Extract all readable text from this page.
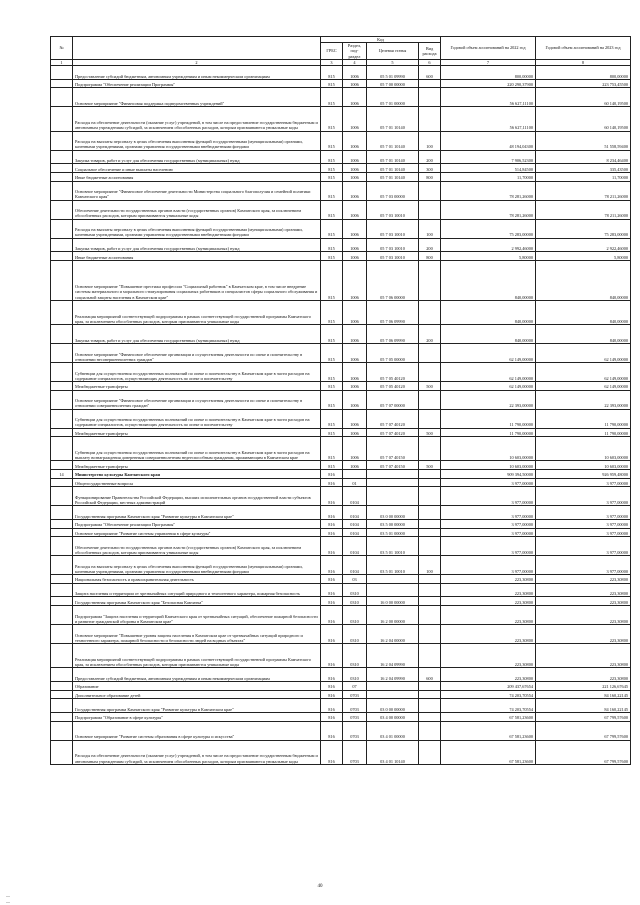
№		Код				Годовой объем ассигнований на 2022 год	Годовой объем ассигнований на 2023 год
		ГРБС	Раздел, под-раздел	Целевая статья	Вид расхода		
1	2	3	4	5	6	7	8
	Предоставление субсидий бюджетным, автономным учреждениям и иным некоммерческим организациям	815	1006	05 5 01 09990	600	800,00000	800,00000
	Подпрограмма "Обеспечение реализации Программы"	815	1006	05 7 00 00000		220 290,37900	223 753,45500
	Основное мероприятие "Финансовая поддержка подведомственных учреждений"	815	1006	05 7 01 00000		56 627,11100	60 140,19500
	Расходы на обеспечение деятельности (оказание услуг) учреждений, в том числе на предоставление государственным бюджетным и автономным учреждениям субсидий, за исключением обособленных расходов, которым присваиваются уникальные коды	815	1006	05 7 01 10140		56 627,11100	60 140,19500
	Расходы на выплаты персоналу в целях обеспечения выполнения функций государственными (муниципальными) органами, казенными учреждениями, органами управления государственными внебюджетными фондами	815	1006	05 7 01 10140	100	48 194,04300	51 558,59400
	Закупка товаров, работ и услуг для обеспечения государственных (муниципальных) нужд	815	1006	05 7 01 10140	200	7 906,52300	8 234,46400
	Социальное обеспечение и иные выплаты населению	815	1006	05 7 01 10140	300	514,84500	335,43500
	Иные бюджетные ассигнования	815	1006	05 7 01 10140	800	11,70000	11,70000
	Основное мероприятие "Финансовое обеспечение деятельности Министерства социального благополучия и семейной политики Камчатского края"	815	1006	05 7 03 00000		78 281,26000	78 211,26000
	Обеспечение деятельности государственных органов власти (государственных органов) Камчатского края, за исключением обособленных расходов, которым присваиваются уникальные коды	815	1006	05 7 03 10010		78 281,26000	78 211,26000
	Расходы на выплаты персоналу в целях обеспечения выполнения функций государственными (муниципальными) органами, казенными учреждениями, органами управления государственными внебюджетными фондами	815	1006	05 7 03 10010	100	75 283,00000	75 283,00000
	Закупка товаров, работ и услуг для обеспечения государственных (муниципальных) нужд	815	1006	05 7 03 10010	200	2 992,46000	2 922,46000
	Иные бюджетные ассигнования	815	1006	05 7 03 10010	800	5,80000	5,80000
	Основное мероприятие "Повышение престижа профессии "Социальный работник" в Камчатском крае, в том числе внедрение системы материального и морального стимулирования социальных работников и специалистов сферы социального обслуживания и социальной защиты населения в Камчатском крае"	815	1006	05 7 06 00000		840,00000	840,00000
	Реализация мероприятий соответствующей подпрограммы в рамках соответствующей государственной программы Камчатского края, за исключением обособленных расходов, которым присваиваются уникальные коды	815	1006	05 7 06 09990		840,00000	840,00000
	Закупка товаров, работ и услуг для обеспечения государственных (муниципальных) нужд	815	1006	05 7 06 09990	200	840,00000	840,00000
	Основное мероприятие "Финансовое обеспечение организации и осуществления деятельности по опеке и попечительству в отношении несовершеннолетних граждан"	815	1006	05 7 05 00000		62 149,00000	62 149,00000
	Субвенции для осуществления государственных полномочий по опеке и попечительству в Камчатском крае в части расходов на содержание специалистов, осуществляющих деятельность по опеке и попечительству	815	1006	05 7 05 40120		62 149,00000	62 149,00000
	Межбюджетные трансферты	815	1006	05 7 05 40120	500	62 149,00000	62 149,00000
	Основное мероприятие "Финансовое обеспечение организации и осуществления деятельности по опеке и попечительству в отношении совершеннолетних граждан"	815	1006	05 7 07 00000		22 393,00000	22 393,00000
	Субвенции для осуществления государственных полномочий по опеке и попечительству в Камчатском крае в части расходов на содержание специалистов, осуществляющих деятельность по опеке и попечительству	815	1006	05 7 07 40120		11 790,00000	11 790,00000
	Межбюджетные трансферты	815	1006	05 7 07 40120	500	11 790,00000	11 790,00000
	Субвенции для осуществления государственных полномочий по опеке и попечительству в Камчатском крае в части расходов на выплату вознаграждения доверенным совершеннолетним недееспособным гражданам, проживающим в Камчатском крае	815	1006	05 7 07 40150		10 603,00000	10 603,00000
	Межбюджетные трансферты	815	1006	05 7 07 40150	500	10 603,00000	10 603,00000
14	Министерство культуры Камчатского края	816				909 394,50000	926 959,48000
	Общегосударственные вопросы	816	01			3 977,00000	3 977,00000
	Функционирование Правительства Российской Федерации, высших исполнительных органов государственной власти субъектов Российской Федерации, местных администраций	816	0104			3 977,00000	3 977,00000
	Государственная программа Камчатского края "Развитие культуры в Камчатском крае"	816	0104	03 0 00 00000		3 977,00000	3 977,00000
	Подпрограмма "Обеспечение реализации Программы"	816	0104	03 5 00 00000		3 977,00000	3 977,00000
	Основное мероприятие "Развитие системы управления в сфере культуры"	816	0104	03 5 01 00000		3 977,00000	3 977,00000
	Обеспечение деятельности государственных органов власти (государственных органов) Камчатского края, за исключением обособленных расходов, которым присваиваются уникальные коды	816	0104	03 5 01 10010		3 977,00000	3 977,00000
	Расходы на выплаты персоналу в целях обеспечения выполнения функций государственными (муниципальными) органами, казенными учреждениями, органами управления государственными внебюджетными фондами	816	0104	03 5 01 10010	100	3 977,00000	3 977,00000
	Национальная безопасность и правоохранительная деятельность	816	03			223,30800	223,30800
	Защита населения и территории от чрезвычайных ситуаций природного и техногенного характера, пожарная безопасность	816	0310			223,30800	223,30800
	Государственная программа Камчатского края "Безопасная Камчатка"	816	0310	16 0 00 00000		223,30800	223,30800
	Подпрограмма "Защита населения и территорий Камчатского края от чрезвычайных ситуаций, обеспечение пожарной безопасности и развитие гражданской обороны в Камчатском крае"	816	0310	16 2 00 00000		223,30800	223,30800
	Основное мероприятие "Повышение уровня защиты населения в Камчатском крае от чрезвычайных ситуаций природного и техногенного характера, пожарной безопасности и безопасности людей на водных объектах"	816	0310	16 2 04 00000		223,30800	223,30800
	Реализация мероприятий соответствующей подпрограммы в рамках соответствующей государственной программы Камчатского края, за исключением обособленных расходов, которым присваиваются уникальные коды	816	0310	16 2 04 09990		223,30800	223,30800
	Предоставление субсидий бюджетным, автономным учреждениям и иным некоммерческим организациям	816	0310	16 2 04 09990	600	223,30800	223,30800
	Образование	816	07			209 437,67654	221 126,67645
	Дополнительное образование детей	816	0703			74 203,70554	84 160,22145
	Государственная программа Камчатского края "Развитие культуры в Камчатском крае"	816	0703	03 0 00 00000		74 203,70554	84 160,22145
	Подпрограмма "Образование в сфере культуры"	816	0703	03 4 00 00000		67 581,23600	67 799,57600
	Основное мероприятие "Развитие системы образования в сфере культуры и искусства"	816	0703	03 4 01 00000		67 581,23600	67 799,57600
	Расходы на обеспечение деятельности (оказание услуг) учреждений, в том числе на предоставление государственным бюджетным и автономным учреждениям субсидий, за исключением обособленных расходов, которым присваиваются уникальные коды	816	0703	03 4 01 10140		67 581,23600	67 799,57600
40
—
—
